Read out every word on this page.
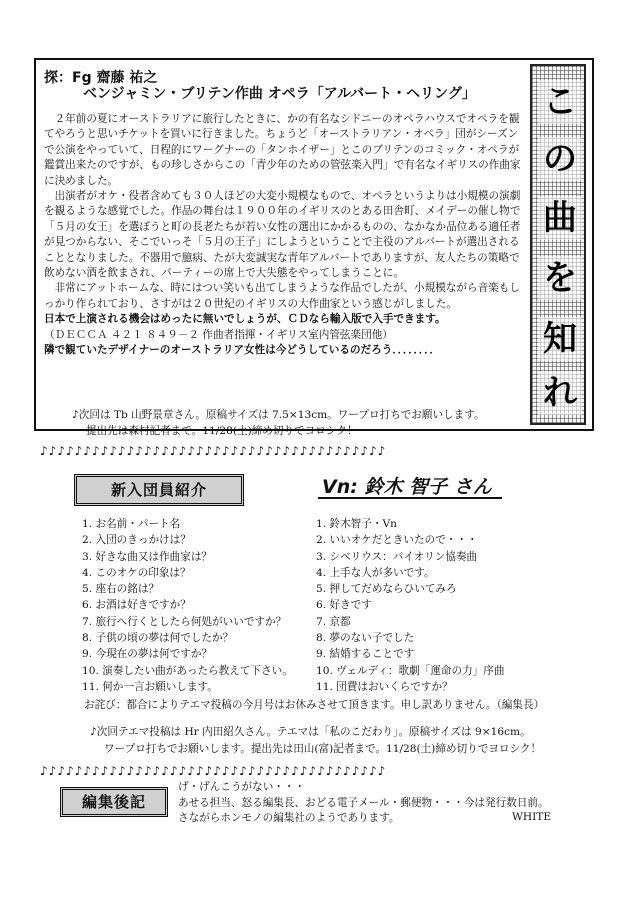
こ
の
曲
を
知
れ
探：Fg 齋藤 祐之
ベンジャミン・ブリテン作曲 オペラ「アルバート・ヘリング」

２年前の夏にオーストラリアに旅行したときに、かの有名なシドニーのオペラハウスでオペラを観てやろうと思いチケットを買いに行きました。ちょうど「オーストラリアン・オペラ」団がシーズンで公演をやっていて、日程的にワーグナーの「タンホイザー」とこのブリテンのコミック・オペラが鑑賞出来たのですが、もの珍しさからこの「青少年のための管弦楽入門」で有名なイギリスの作曲家に決めました。

出演者がオケ・役者含めても３０人ほどの大変小規模なもので、オペラというよりは小規模の演劇を観るような感覚でした。作品の舞台は１９００年のイギリスのとある田舎町、メイデーの催し物で「５月の女王」を選ぼうと町の長老たちが若い女性の選出にかかるものの、なかなか品位ある適任者が見つからない、そこでいっそ「５月の王子」にしようということで主役のアルバートが選出されることとなりました。不器用で臆病、たが大変誠実な青年アルバートでありますが、友人たちの策略で飲めない酒を飲まされ、パーティーの席上で大失態をやってしまうことに。

非常にアットホームな、時にはつい笑いも出てしまうような作品でしたが、小規模ながら音楽もしっかり作られており、さすがは２０世紀のイギリスの大作曲家という感じがしました。

日本で上演される機会はめったに無いでしょうが、ＣＤなら輸入版で入手できます。

（ＤＥＣＣＡ ４２１ ８４９－２ 作曲者指揮・イギリス室内管弦楽団他）

隣で観ていたデザイナーのオーストラリア女性は今どうしているのだろう．．．．．．．．

♪次回は Tb 山野景章さん。原稿サイズは 7.5×13cm。ワープロ打ちでお願いします。
提出先は森村記者まで。11/28(土)締め切りでヨロシク！
♪♪♪♪♪♪♪♪♪♪♪♪♪♪♪♪♪♪♪♪♪♪♪♪♪♪♪♪♪♪♪♪♪♪♪♪♪♪♪♪
新入団員紹介	Vn: 鈴木 智子 さん
1. お名前・パート名
2. 入団のきっかけは？
3. 好きな曲又は作曲家は？
4. このオケの印象は？
5. 座右の銘は？
6. お酒は好きですか？
7. 旅行へ行くとしたら何処がいいですか？
8. 子供の頃の夢は何でしたか？
9. 今現在の夢は何ですか？
10. 演奏したい曲があったら教えて下さい。
11. 何か一言お願いします。
1. 鈴木智子・Vn
2. いいオケだときいたので・・・
3. シベリウス：バイオリン協奏曲
4. 上手な人が多いです。
5. 押してだめならひいてみろ
6. 好きです
7. 京都
8. 夢のない子でした
9. 結婚することです
10. ヴェルディ：歌劇「運命の力」序曲
11. 団費はおいくらですか？
お詫び：都合によりテエマ投稿の今月号はお休みさせて頂きます。申し訳ありません。（編集長）
♪次回テエマ投稿は Hr 内田紹久さん。テエマは「私のこだわり」。原稿サイズは 9×16cm。
ワープロ打ちでお願いします。提出先は田山(富)記者まで。11/28(土)締め切りでヨロシク！
♪♪♪♪♪♪♪♪♪♪♪♪♪♪♪♪♪♪♪♪♪♪♪♪♪♪♪♪♪♪♪♪♪♪♪♪♪♪♪♪
編集後記
げ・げんこうがない・・・
あせる担当、怒る編集長、おどる電子メール・郵便物・・・今は発行数日前。
さながらホンモノの編集社のようであります。	WHITE
